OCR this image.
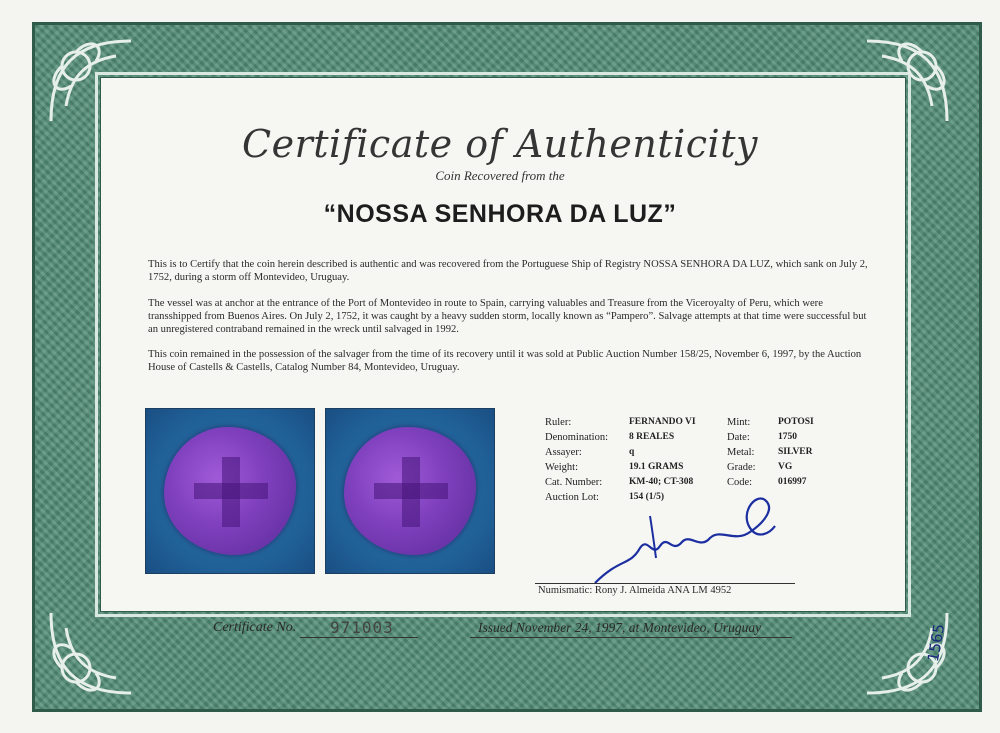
Certificate of Authenticity
Coin Recovered from the
“NOSSA SENHORA DA LUZ”
This is to Certify that the coin herein described is authentic and was recovered from the Portuguese Ship of Registry NOSSA SENHORA DA LUZ, which sank on July 2, 1752, during a storm off Montevideo, Uruguay.
The vessel was at anchor at the entrance of the Port of Montevideo in route to Spain, carrying valuables and Treasure from the Viceroyalty of Peru, which were transshipped from Buenos Aires. On July 2, 1752, it was caught by a heavy sudden storm, locally known as “Pampero”. Salvage attempts at that time were successful but an unregistered contraband remained in the wreck until salvaged in 1992.
This coin remained in the possession of the salvager from the time of its recovery until it was sold at Public Auction Number 158/25, November 6, 1997, by the Auction House of Castells & Castells, Catalog Number 84, Montevideo, Uruguay.
Ruler:	FERNANDO VI	Mint:	POTOSI
Denomination:	8 REALES	Date:	1750
Assayer:	q	Metal:	SILVER
Weight:	19.1 GRAMS	Grade:	VG
Cat. Number:	KM-40; CT-308	Code:	016997
Auction Lot:	154 (1/5)		
Numismatic: Rony J. Almeida ANA LM 4952
Certificate No. 971003	Issued November 24, 1997, at Montevideo, Uruguay	1565
